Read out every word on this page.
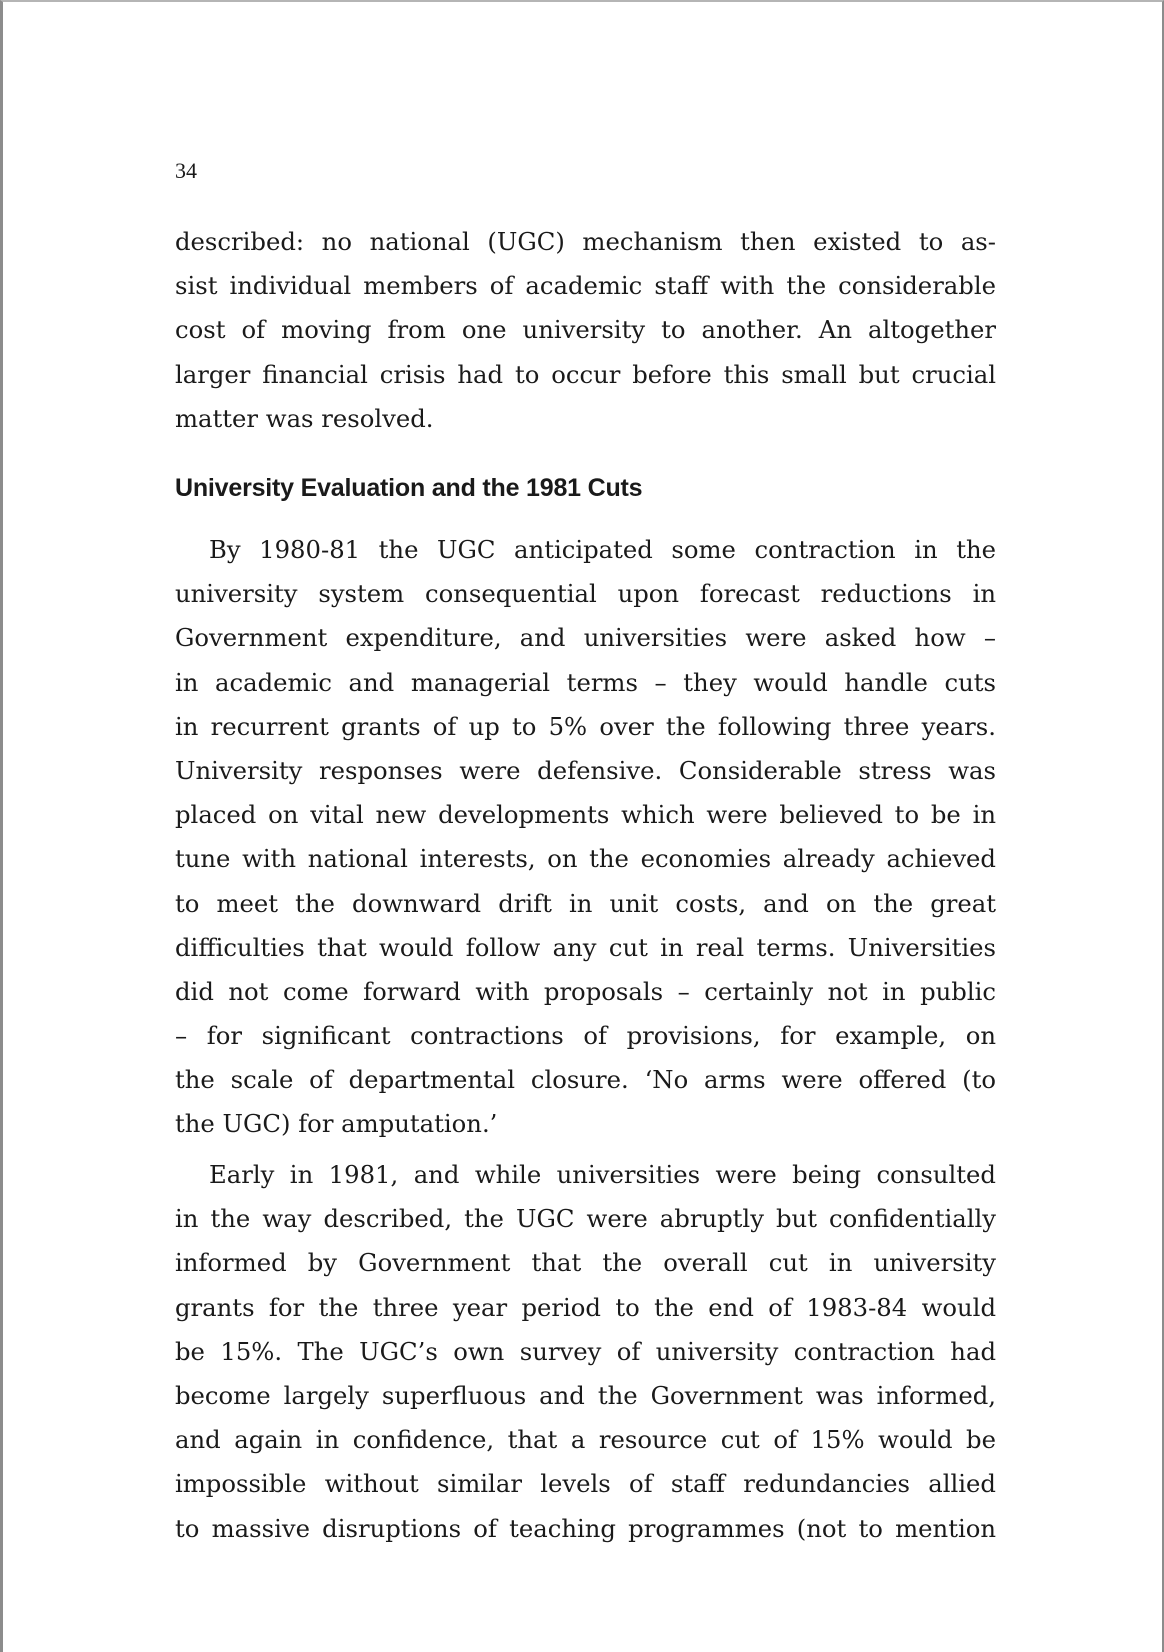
34
described: no national (UGC) mechanism then existed to as-
sist individual members of academic staff with the considerable
cost of moving from one university to another. An altogether
larger financial crisis had to occur before this small but crucial
matter was resolved.
University Evaluation and the 1981 Cuts
By 1980-81 the UGC anticipated some contraction in the
university system consequential upon forecast reductions in
Government expenditure, and universities were asked how –
in academic and managerial terms – they would handle cuts
in recurrent grants of up to 5% over the following three years.
University responses were defensive. Considerable stress was
placed on vital new developments which were believed to be in
tune with national interests, on the economies already achieved
to meet the downward drift in unit costs, and on the great
difficulties that would follow any cut in real terms. Universities
did not come forward with proposals – certainly not in public
– for significant contractions of provisions, for example, on
the scale of departmental closure. ‘No arms were offered (to
the UGC) for amputation.’
Early in 1981, and while universities were being consulted
in the way described, the UGC were abruptly but confidentially
informed by Government that the overall cut in university
grants for the three year period to the end of 1983-84 would
be 15%. The UGC’s own survey of university contraction had
become largely superfluous and the Government was informed,
and again in confidence, that a resource cut of 15% would be
impossible without similar levels of staff redundancies allied
to massive disruptions of teaching programmes (not to mention
